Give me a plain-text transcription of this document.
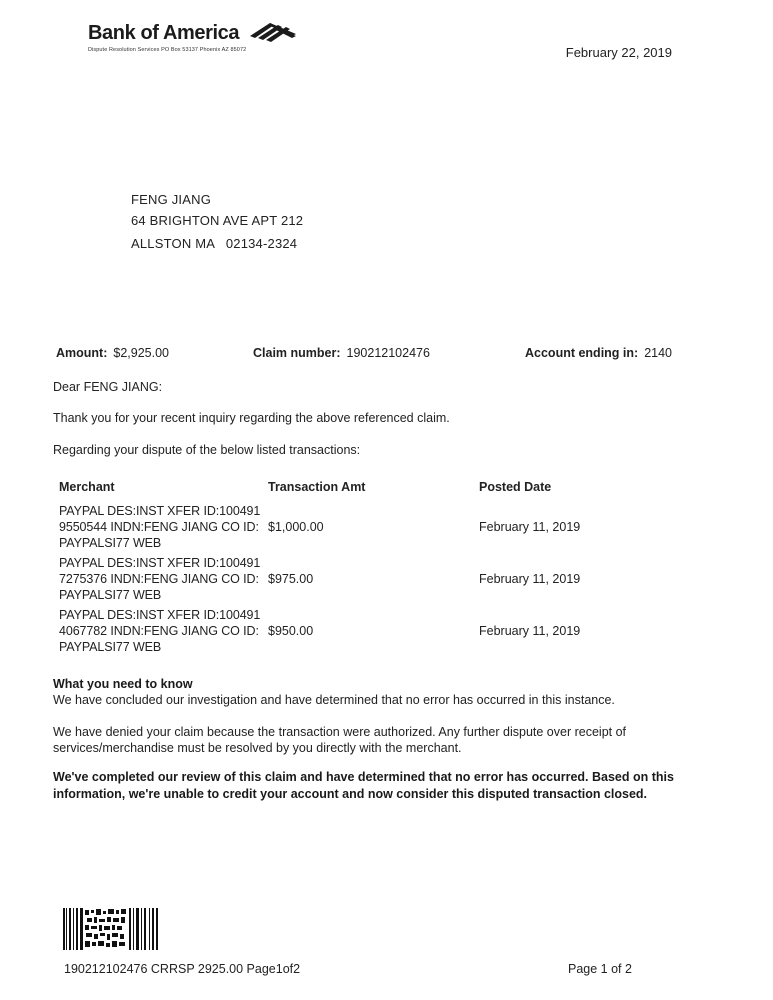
Bank of America
Dispute Resolution Services PO Box 53137 Phoenix AZ 85072	February 22, 2019
FENG JIANG
64 BRIGHTON AVE APT 212
ALLSTON MA   02134-2324
Amount: $2,925.00	Claim number: 190212102476	Account ending in: 2140
Dear FENG JIANG:
Thank you for your recent inquiry regarding the above referenced claim.
Regarding your dispute of the below listed transactions:
Merchant	Transaction Amt	Posted Date
PAYPAL DES:INST XFER ID:1004919550544 INDN:FENG JIANG CO ID:PAYPALSI77 WEB	$1,000.00	February 11, 2019
PAYPAL DES:INST XFER ID:1004917275376 INDN:FENG JIANG CO ID:PAYPALSI77 WEB	$975.00	February 11, 2019
PAYPAL DES:INST XFER ID:1004914067782 INDN:FENG JIANG CO ID:PAYPALSI77 WEB	$950.00	February 11, 2019
What you need to know
We have concluded our investigation and have determined that no error has occurred in this instance.
We have denied your claim because the transaction were authorized. Any further dispute over receipt of services/merchandise must be resolved by you directly with the merchant.
We've completed our review of this claim and have determined that no error has occurred. Based on this information, we're unable to credit your account and now consider this disputed transaction closed.
190212102476 CRRSP 2925.00 Page1of2	Page 1 of 2
